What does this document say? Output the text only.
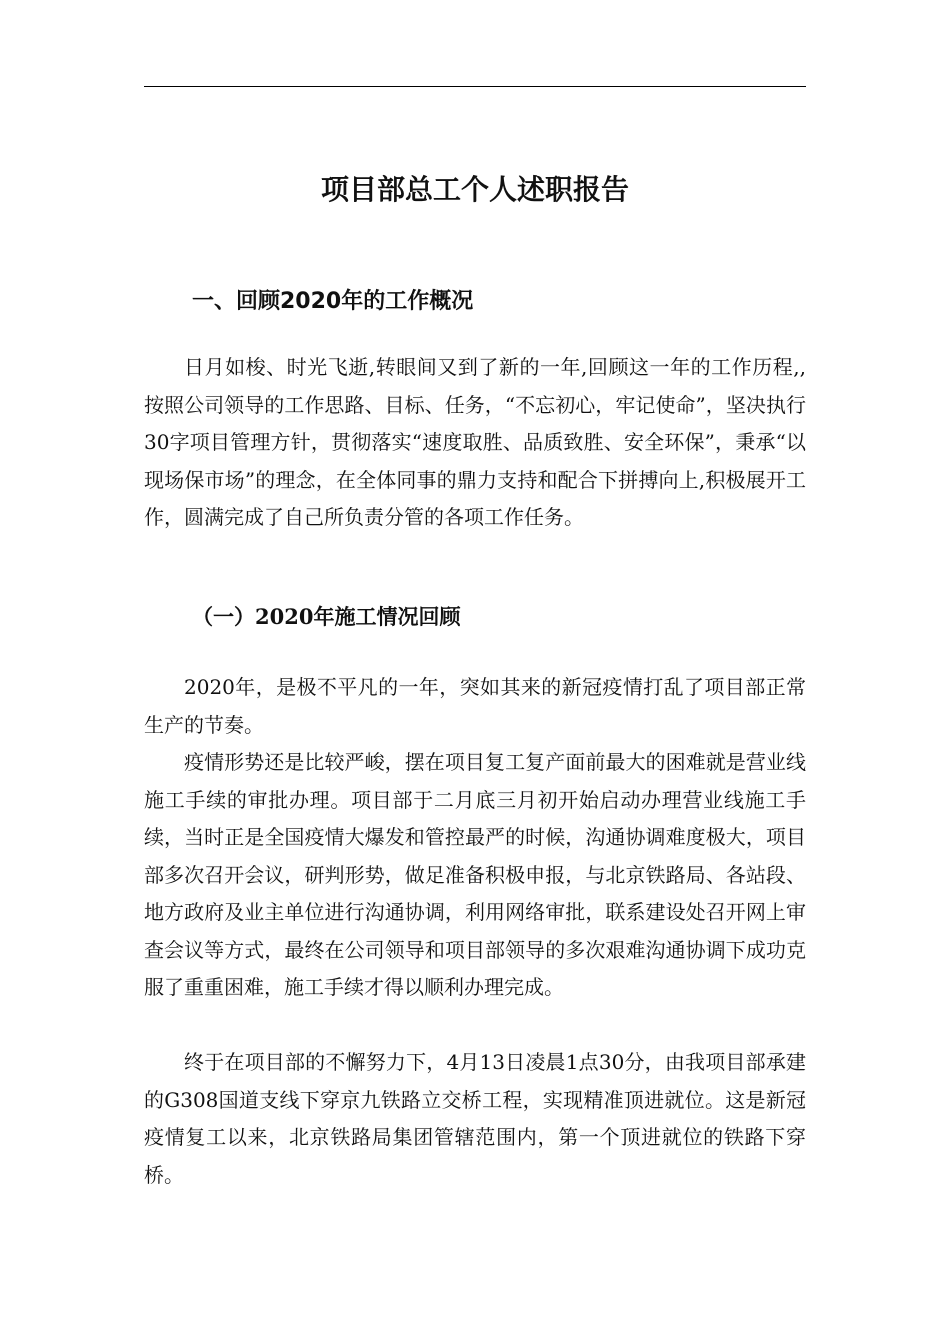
项目部总工个人述职报告
一、回顾2020年的工作概况

日月如梭、时光飞逝,转眼间又到了新的一年,回顾这一年的工作历程,,按照公司领导的工作思路、目标、任务，“不忘初心，牢记使命”，坚决执行30字项目管理方针，贯彻落实“速度取胜、品质致胜、安全环保”，秉承“以现场保市场”的理念，在全体同事的鼎力支持和配合下拼搏向上,积极展开工作，圆满完成了自己所负责分管的各项工作任务。

（一）2020年施工情况回顾

2020年，是极不平凡的一年，突如其来的新冠疫情打乱了项目部正常生产的节奏。

疫情形势还是比较严峻，摆在项目复工复产面前最大的困难就是营业线施工手续的审批办理。项目部于二月底三月初开始启动办理营业线施工手续，当时正是全国疫情大爆发和管控最严的时候，沟通协调难度极大，项目部多次召开会议，研判形势，做足准备积极申报，与北京铁路局、各站段、地方政府及业主单位进行沟通协调，利用网络审批，联系建设处召开网上审查会议等方式，最终在公司领导和项目部领导的多次艰难沟通协调下成功克服了重重困难，施工手续才得以顺利办理完成。

终于在项目部的不懈努力下，4月13日凌晨1点30分，由我项目部承建的G308国道支线下穿京九铁路立交桥工程，实现精准顶进就位。这是新冠疫情复工以来，北京铁路局集团管辖范围内，第一个顶进就位的铁路下穿桥。
